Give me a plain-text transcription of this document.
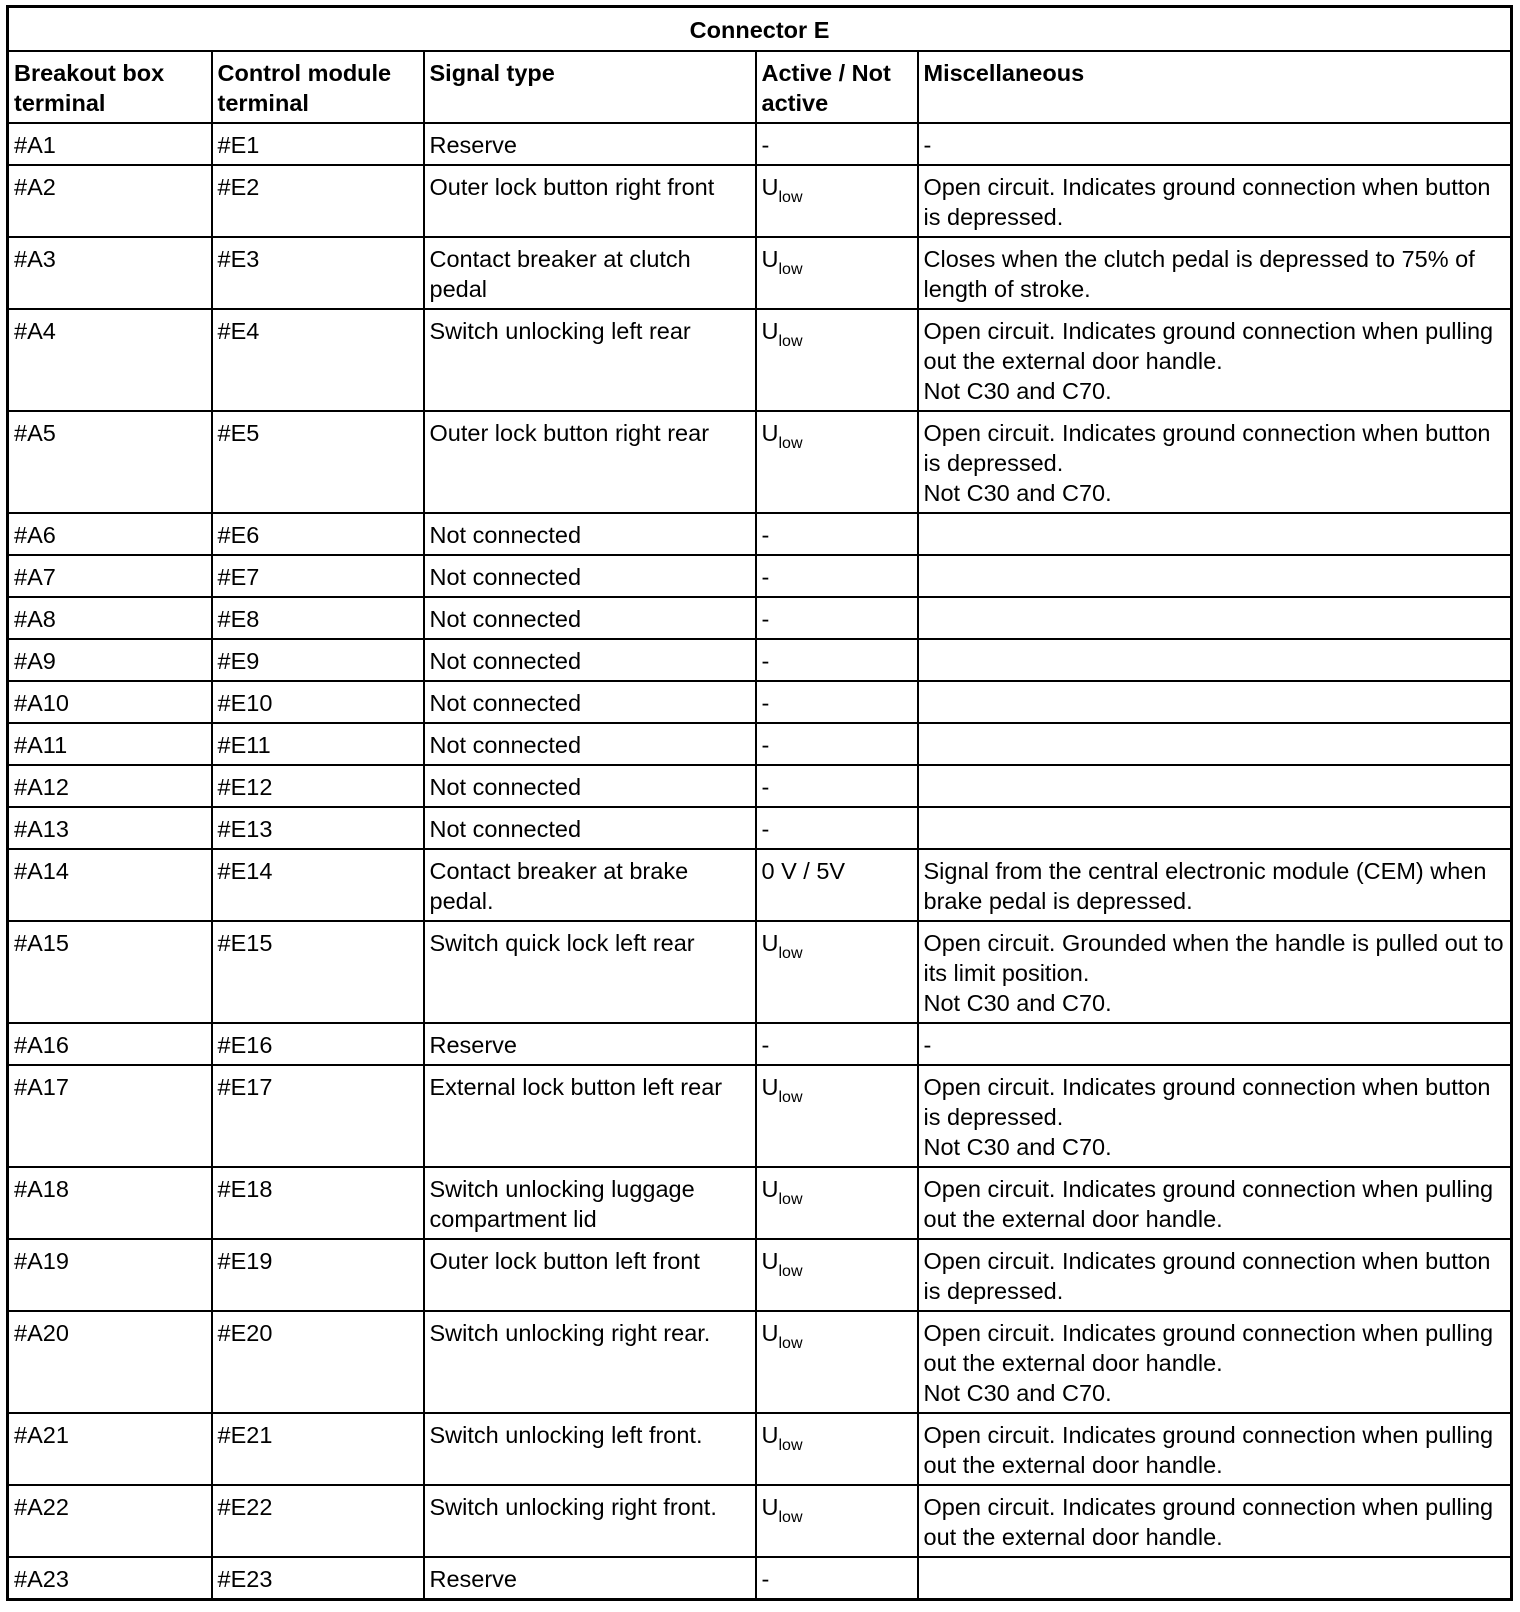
Connector E				
Breakout box terminal	Control module terminal	Signal type	Active / Not active	Miscellaneous
#A1	#E1	Reserve	-	-

#A2	#E2	Outer lock button right front	$U_{low}$	Open circuit. Indicates ground connection when button is depressed.

#A3	#E3	Contact breaker at clutch pedal	$U_{low}$	Closes when the clutch pedal is depressed to 75% of length of stroke.

#A4	#E4	Switch unlocking left rear	$U_{low}$	Open circuit. Indicates ground connection when pulling out the external door handle.
Not C30 and C70.

#A5	#E5	Outer lock button right rear	$U_{low}$	Open circuit. Indicates ground connection when button is depressed.
Not C30 and C70.

#A6	#E6	Not connected	-	

#A7	#E7	Not connected	-	

#A8	#E8	Not connected	-	

#A9	#E9	Not connected	-	

#A10	#E10	Not connected	-	

#A11	#E11	Not connected	-	

#A12	#E12	Not connected	-	

#A13	#E13	Not connected	-	

#A14	#E14	Contact breaker at brake pedal.	0 V / 5V	Signal from the central electronic module (CEM) when brake pedal is depressed.

#A15	#E15	Switch quick lock left rear	$U_{low}$	Open circuit. Grounded when the handle is pulled out to its limit position.
Not C30 and C70.

#A16	#E16	Reserve	-	-

#A17	#E17	External lock button left rear	$U_{low}$	Open circuit. Indicates ground connection when button is depressed.
Not C30 and C70.

#A18	#E18	Switch unlocking luggage compartment lid	$U_{low}$	Open circuit. Indicates ground connection when pulling out the external door handle.

#A19	#E19	Outer lock button left front	$U_{low}$	Open circuit. Indicates ground connection when button is depressed.

#A20	#E20	Switch unlocking right rear.	$U_{low}$	Open circuit. Indicates ground connection when pulling out the external door handle.
Not C30 and C70.

#A21	#E21	Switch unlocking left front.	$U_{low}$	Open circuit. Indicates ground connection when pulling out the external door handle.

#A22	#E22	Switch unlocking right front.	$U_{low}$	Open circuit. Indicates ground connection when pulling out the external door handle.

#A23	#E23	Reserve	-	
